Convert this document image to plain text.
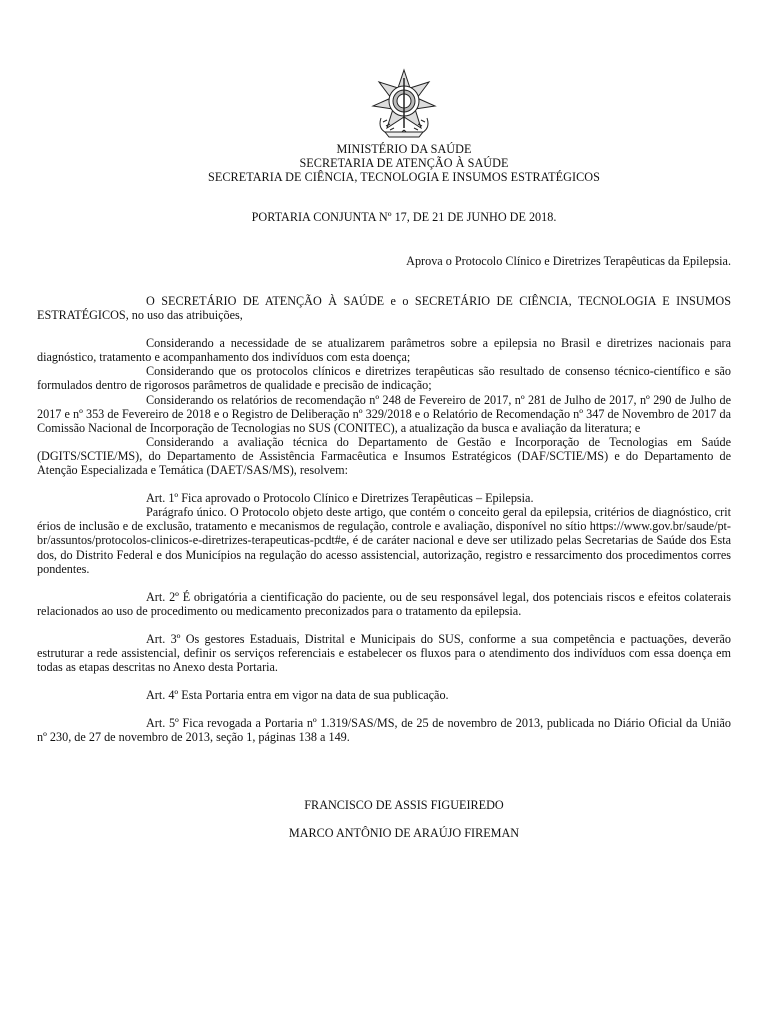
MINISTÉRIO DA SAÚDE
SECRETARIA DE ATENÇÃO À SAÚDE
SECRETARIA DE CIÊNCIA, TECNOLOGIA E INSUMOS ESTRATÉGICOS
PORTARIA CONJUNTA Nº 17, DE 21 DE JUNHO DE 2018.
Aprova o Protocolo Clínico e Diretrizes Terapêuticas da Epilepsia.

O SECRETÁRIO DE ATENÇÃO À SAÚDE e o SECRETÁRIO DE CIÊNCIA, TECNOLOGIA E INSUMOS ESTRATÉGICOS, no uso das atribuições,

Considerando a necessidade de se atualizarem parâmetros sobre a epilepsia no Brasil e diretrizes nacionais para diagnóstico, tratamento e acompanhamento dos indivíduos com esta doença;

Considerando que os protocolos clínicos e diretrizes terapêuticas são resultado de consenso técnico-científico e são formulados dentro de rigorosos parâmetros de qualidade e precisão de indicação;

Considerando os relatórios de recomendação nº 248 de Fevereiro de 2017, nº 281 de Julho de 2017, nº 290 de Julho de 2017 e nº 353 de Fevereiro de 2018 e o Registro de Deliberação nº 329/2018 e o Relatório de Recomendação nº 347 de Novembro de 2017 da Comissão Nacional de Incorporação de Tecnologias no SUS (CONITEC), a atualização da busca e avaliação da literatura; e

Considerando a avaliação técnica do Departamento de Gestão e Incorporação de Tecnologias em Saúde (DGITS/SCTIE/MS), do Departamento de Assistência Farmacêutica e Insumos Estratégicos (DAF/SCTIE/MS) e do Departamento de Atenção Especializada e Temática (DAET/SAS/MS), resolvem:

Art. 1º Fica aprovado o Protocolo Clínico e Diretrizes Terapêuticas – Epilepsia.

Parágrafo único. O Protocolo objeto deste artigo, que contém o conceito geral da epilepsia, critérios de diagnóstico, critérios de inclusão e de exclusão, tratamento e mecanismos de regulação, controle e avaliação, disponível no sítio https://www.gov.br/saude/pt-br/assuntos/protocolos-clinicos-e-diretrizes-terapeuticas-pcdt#e, é de caráter nacional e deve ser utilizado pelas Secretarias de Saúde dos Estados, do Distrito Federal e dos Municípios na regulação do acesso assistencial, autorização, registro e ressarcimento dos procedimentos correspondentes.

Art. 2º É obrigatória a cientificação do paciente, ou de seu responsável legal, dos potenciais riscos e efeitos colaterais relacionados ao uso de procedimento ou medicamento preconizados para o tratamento da epilepsia.

Art. 3º Os gestores Estaduais, Distrital e Municipais do SUS, conforme a sua competência e pactuações, deverão estruturar a rede assistencial, definir os serviços referenciais e estabelecer os fluxos para o atendimento dos indivíduos com essa doença em todas as etapas descritas no Anexo desta Portaria.

Art. 4º Esta Portaria entra em vigor na data de sua publicação.

Art. 5º Fica revogada a Portaria nº 1.319/SAS/MS, de 25 de novembro de 2013, publicada no Diário Oficial da União nº 230, de 27 de novembro de 2013, seção 1, páginas 138 a 149.

FRANCISCO DE ASSIS FIGUEIREDO
MARCO ANTÔNIO DE ARAÚJO FIREMAN
